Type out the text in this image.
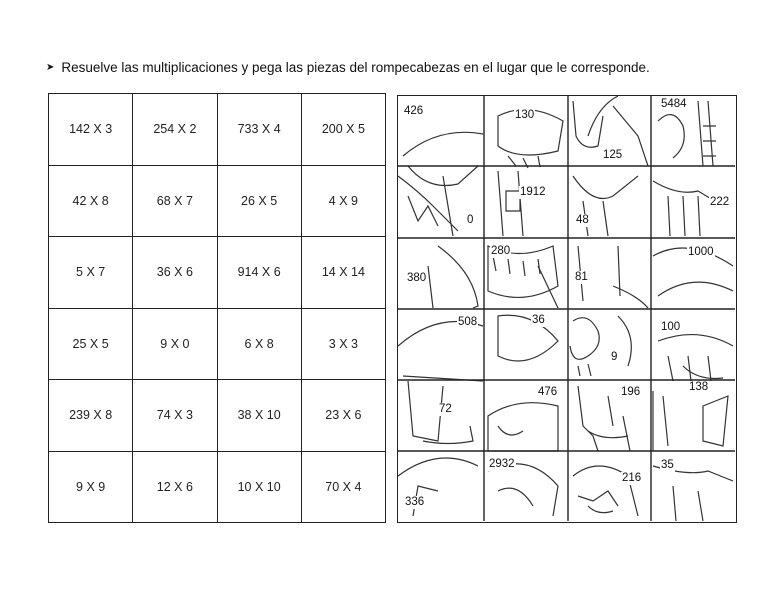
➤ Resuelve las multiplicaciones y pega las piezas del rompecabezas en el lugar que le corresponde.
142 X 3	254 X 2	733 X 4	200 X 5
42 X 8	68 X 7	26 X 5	4 X 9
5 X 7	36 X 6	914 X 6	14 X 14
25 X 5	9 X 0	6 X 8	3 X 3
239 X 8	74 X 3	38 X 10	23 X 6
9 X 9	12 X 6	10 X 10	70 X 4
426	130
125
5484
0
1912
48
222
380
280
81
1000
508	36
9
100
72
476	196	138
336
2932
216
35
